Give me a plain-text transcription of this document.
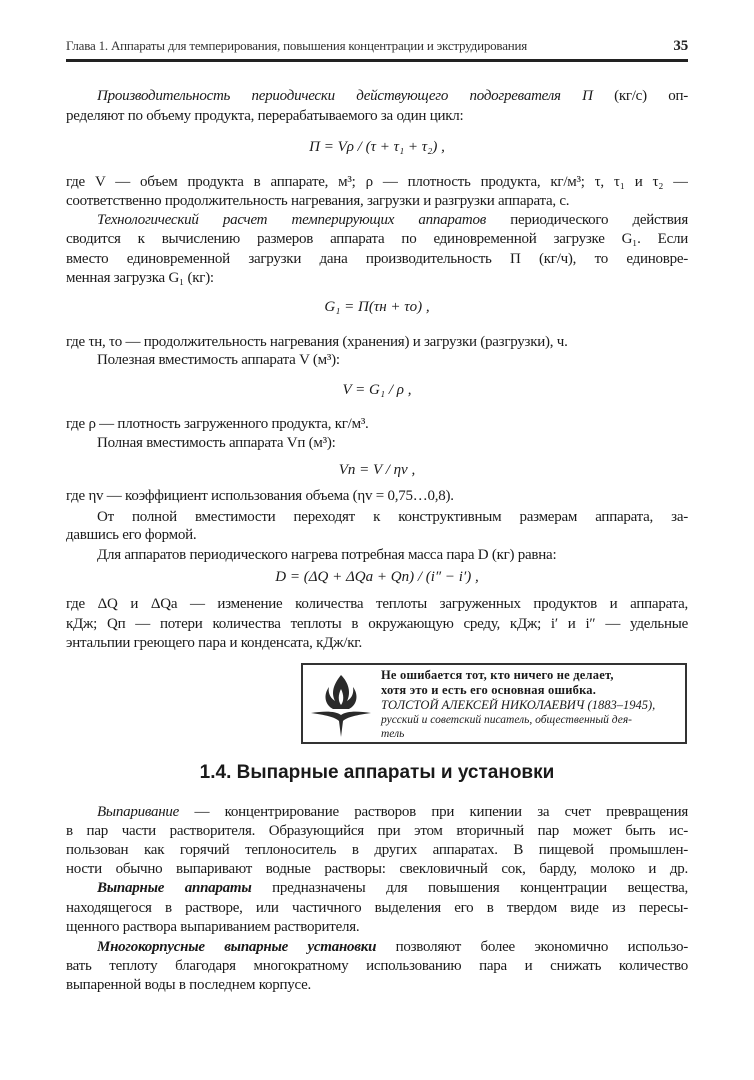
Глава 1. Аппараты для темперирования, повышения концентрации и экструдирования	35
Производительность периодически действующего подогревателя П (кг/с) оп-
ределяют по объему продукта, перерабатываемого за один цикл:
где V — объем продукта в аппарате, м³; ρ — плотность продукта, кг/м³; τ, τ₁ и τ₂ —
соответственно продолжительность нагревания, загрузки и разгрузки аппарата, с.
Технологический расчет темперирующих аппаратов периодического действия
сводится к вычислению размеров аппарата по единовременной загрузке G₁. Если
вместо единовременной загрузки дана производительность П (кг/ч), то единовре-
менная загрузка G₁ (кг):
где τн, τо — продолжительность нагревания (хранения) и загрузки (разгрузки), ч.
Полезная вместимость аппарата V (м³):
где ρ — плотность загруженного продукта, кг/м³.
Полная вместимость аппарата Vп (м³):
где ηv — коэффициент использования объема (ηv = 0,75…0,8).
От полной вместимости переходят к конструктивным размерам аппарата, за-
давшись его формой.
Для аппаратов периодического нагрева потребная масса пара D (кг) равна:
где ΔQ и ΔQа — изменение количества теплоты загруженных продуктов и аппарата,
кДж; Qп — потери количества теплоты в окружающую среду, кДж; i′ и i″ — удельные
энтальпии греющего пара и конденсата, кДж/кг.
Выпаривание — концентрирование растворов при кипении за счет превращения
в пар части растворителя. Образующийся при этом вторичный пар может быть ис-
пользован как горячий теплоноситель в других аппаратах. В пищевой промышлен-
ности обычно выпаривают водные растворы: свекловичный сок, барду, молоко и др.
Выпарные аппараты предназначены для повышения концентрации вещества,
находящегося в растворе, или частичного выделения его в твердом виде из пересы-
щенного раствора выпариванием растворителя.
Многокорпусные выпарные установки позволяют более экономично использо-
вать теплоту благодаря многократному использованию пара и снижать количество
выпаренной воды в последнем корпусе.
П = Vρ / (τ + τ₁ + τ₂) ,
G₁ = П(τн + τо) ,
V = G₁ / ρ ,
Vп = V / ηv ,
D = (ΔQ + ΔQа + Qп) / (i″ − i′) ,
Не ошибается тот, кто ничего не делает,
хотя это и есть его основная ошибка.
ТОЛСТОЙ АЛЕКСЕЙ НИКОЛАЕВИЧ (1883–1945),
русский и советский писатель, общественный дея-
тель
1.4. Выпарные аппараты и установки
